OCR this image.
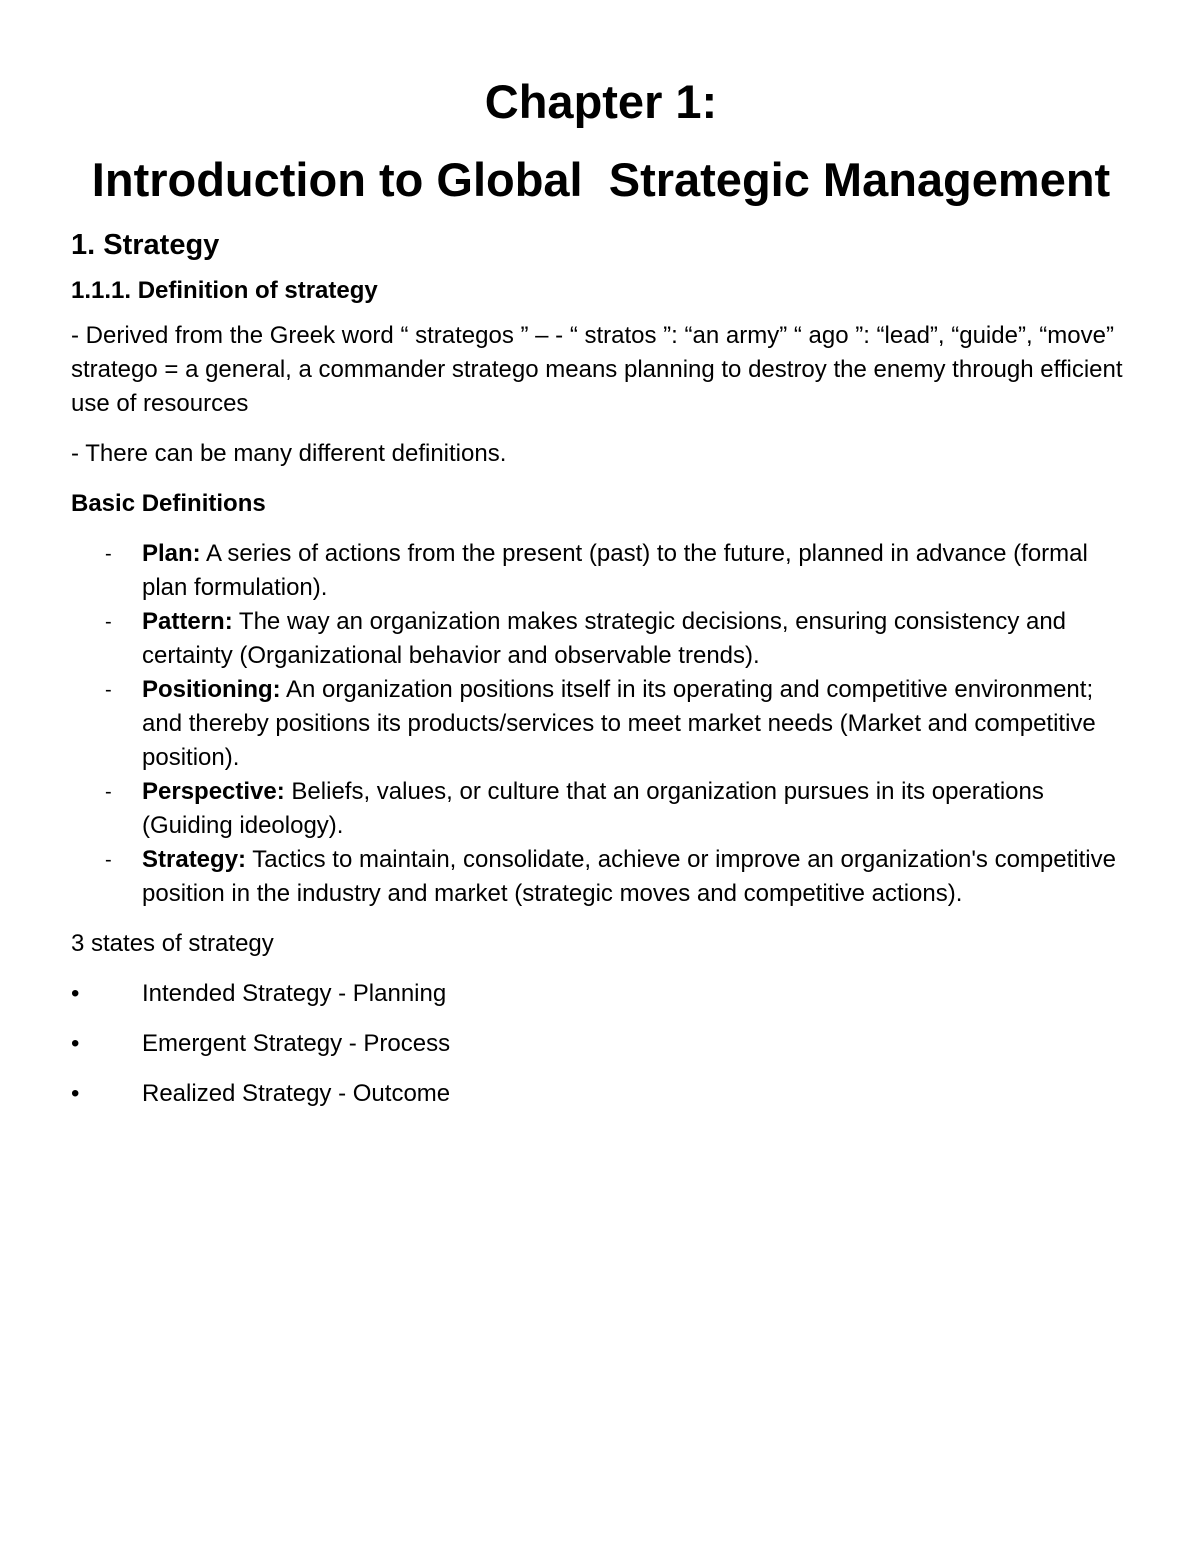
Chapter 1:
Introduction to Global  Strategic Management
1. Strategy
1.1.1. Definition of strategy
- Derived from the Greek word “ strategos ” – - “ stratos ”: “an army” “ ago ”: “lead”, “guide”, “move”     stratego = a general, a commander stratego means planning to destroy the enemy through efficient use of resources
- There can be many different definitions.
Basic Definitions
- Plan: A series of actions from the present (past) to the future, planned in advance (formal plan formulation).
- Pattern: The way an organization makes strategic decisions, ensuring consistency and certainty (Organizational behavior and observable trends).
- Positioning: An organization positions itself in its operating and competitive environment; and thereby positions its products/services to meet market needs (Market and competitive position).
- Perspective: Beliefs, values, or culture that an organization pursues in its operations (Guiding ideology).
- Strategy: Tactics to maintain, consolidate, achieve or improve an organization's competitive position in the industry and market (strategic moves and competitive actions).
3 states of strategy
•	Intended Strategy - Planning
•	Emergent Strategy - Process
•	Realized Strategy - Outcome
